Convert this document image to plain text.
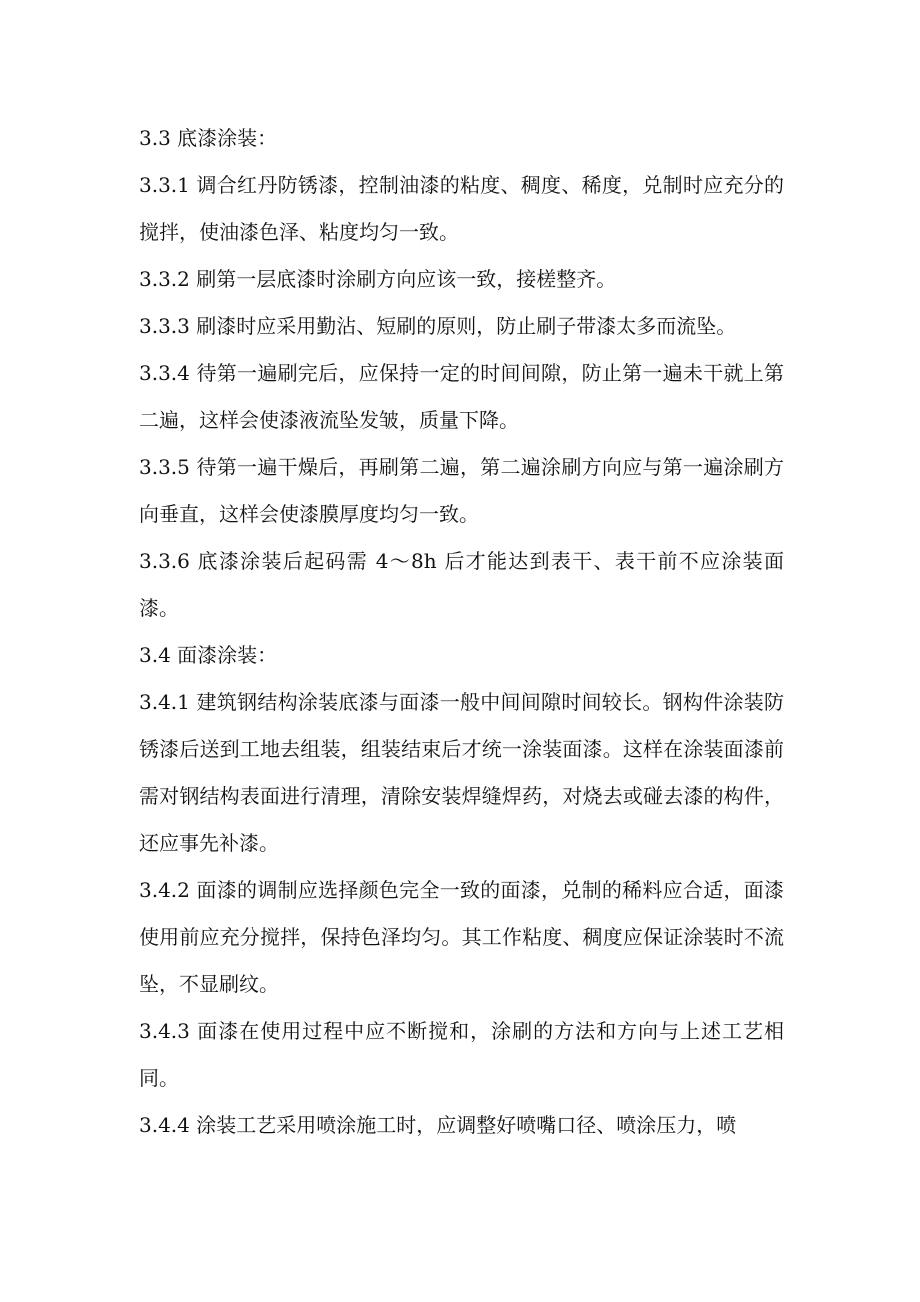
3.3 底漆涂装：

3.3.1 调合红丹防锈漆，控制油漆的粘度、稠度、稀度，兑制时应充分的搅拌，使油漆色泽、粘度均匀一致。

3.3.2 刷第一层底漆时涂刷方向应该一致，接槎整齐。

3.3.3 刷漆时应采用勤沾、短刷的原则，防止刷子带漆太多而流坠。

3.3.4 待第一遍刷完后，应保持一定的时间间隙，防止第一遍未干就上第二遍，这样会使漆液流坠发皱，质量下降。

3.3.5 待第一遍干燥后，再刷第二遍，第二遍涂刷方向应与第一遍涂刷方向垂直，这样会使漆膜厚度均匀一致。

3.3.6 底漆涂装后起码需 4～8h 后才能达到表干、表干前不应涂装面漆。

3.4 面漆涂装：

3.4.1 建筑钢结构涂装底漆与面漆一般中间间隙时间较长。钢构件涂装防锈漆后送到工地去组装，组装结束后才统一涂装面漆。这样在涂装面漆前需对钢结构表面进行清理，清除安装焊缝焊药，对烧去或碰去漆的构件，还应事先补漆。

3.4.2 面漆的调制应选择颜色完全一致的面漆，兑制的稀料应合适，面漆使用前应充分搅拌，保持色泽均匀。其工作粘度、稠度应保证涂装时不流坠，不显刷纹。

3.4.3 面漆在使用过程中应不断搅和，涂刷的方法和方向与上述工艺相同。

3.4.4 涂装工艺采用喷涂施工时，应调整好喷嘴口径、喷涂压力，喷
